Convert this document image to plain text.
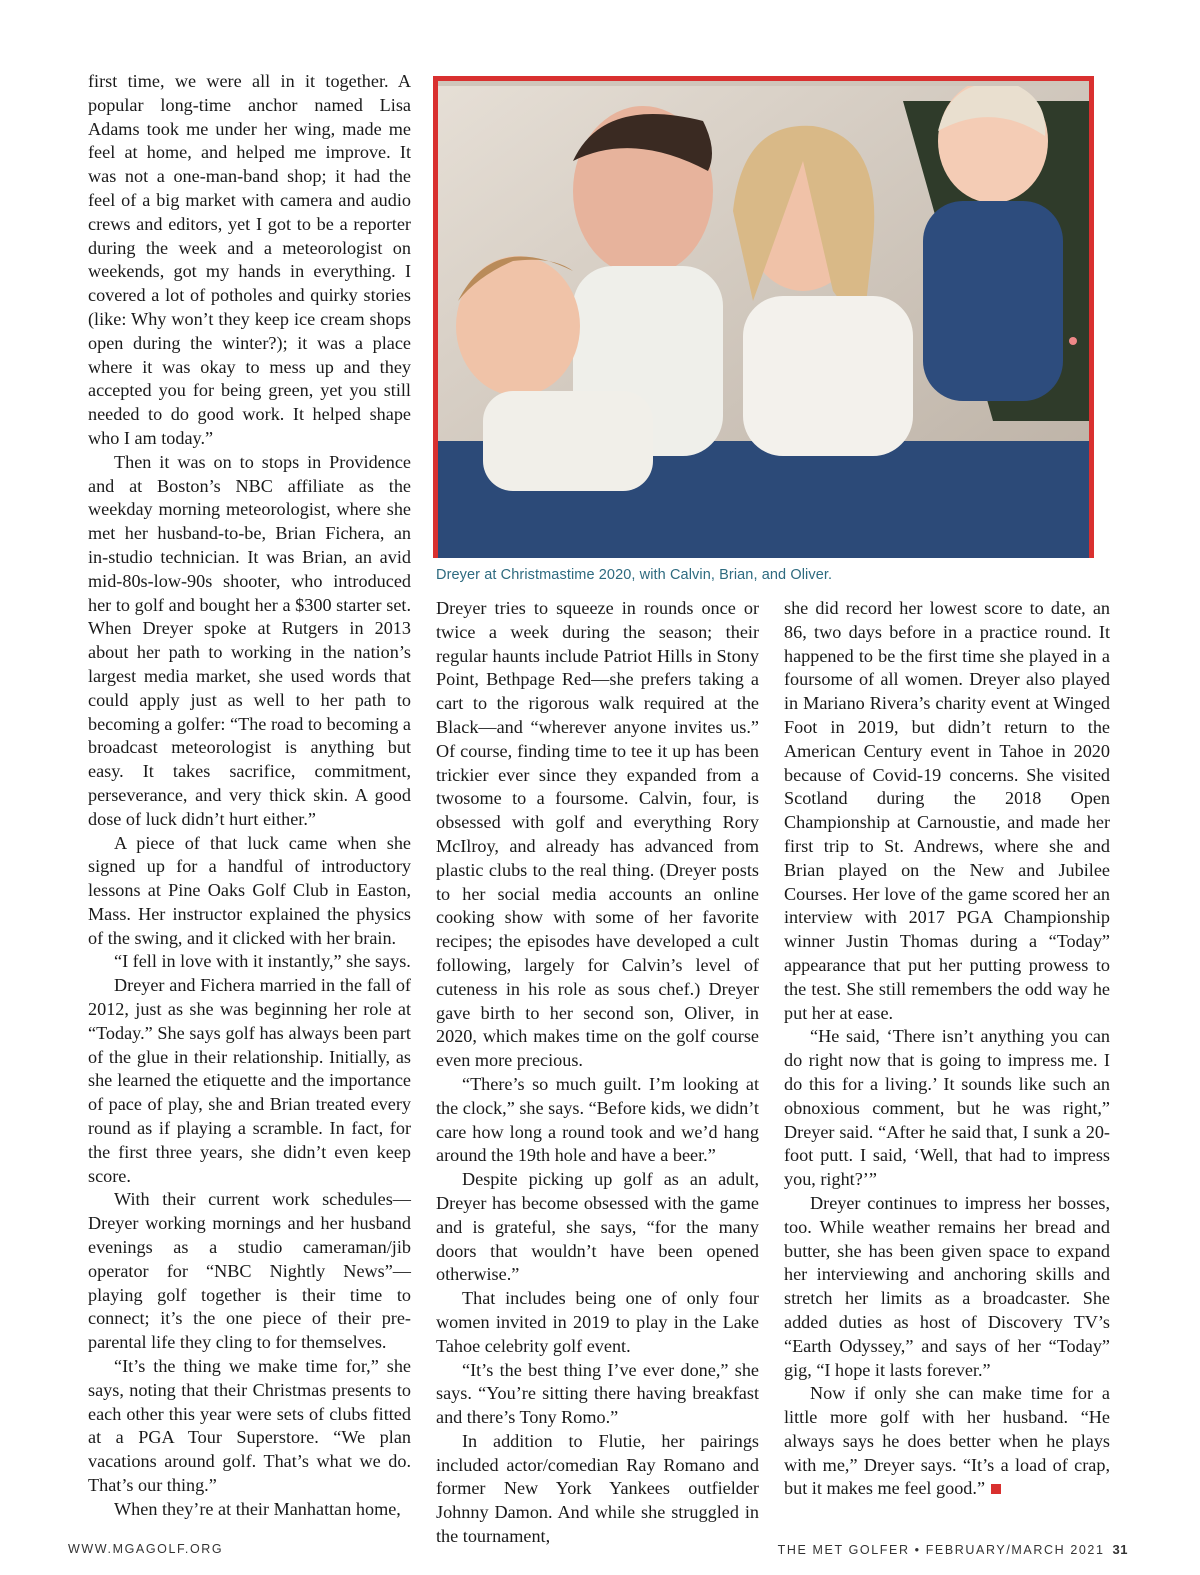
first time, we were all in it together. A popular long-time anchor named Lisa Adams took me under her wing, made me feel at home, and helped me improve. It was not a one-man-band shop; it had the feel of a big market with camera and audio crews and editors, yet I got to be a reporter during the week and a meteorologist on weekends, got my hands in everything. I covered a lot of potholes and quirky stories (like: Why won’t they keep ice cream shops open during the winter?); it was a place where it was okay to mess up and they accepted you for being green, yet you still needed to do good work. It helped shape who I am today.”

Then it was on to stops in Providence and at Boston’s NBC affiliate as the weekday morning meteorologist, where she met her husband-to-be, Brian Fichera, an in-studio technician. It was Brian, an avid mid-80s-low-90s shooter, who introduced her to golf and bought her a $300 starter set. When Dreyer spoke at Rutgers in 2013 about her path to working in the nation’s largest media market, she used words that could apply just as well to her path to becoming a golfer: “The road to becoming a broadcast meteorologist is anything but easy. It takes sacrifice, commitment, perseverance, and very thick skin. A good dose of luck didn’t hurt either.”

A piece of that luck came when she signed up for a handful of introductory lessons at Pine Oaks Golf Club in Easton, Mass. Her instructor explained the physics of the swing, and it clicked with her brain.

“I fell in love with it instantly,” she says.

Dreyer and Fichera married in the fall of 2012, just as she was beginning her role at “Today.” She says golf has always been part of the glue in their relationship. Initially, as she learned the etiquette and the importance of pace of play, she and Brian treated every round as if playing a scramble. In fact, for the first three years, she didn’t even keep score.

With their current work schedules—Dreyer working mornings and her husband evenings as a studio cameraman/jib operator for “NBC Nightly News”—playing golf together is their time to connect; it’s the one piece of their pre-parental life they cling to for themselves.

“It’s the thing we make time for,” she says, noting that their Christmas presents to each other this year were sets of clubs fitted at a PGA Tour Superstore. “We plan vacations around golf. That’s what we do. That’s our thing.”

When they’re at their Manhattan home,

Dreyer at Christmastime 2020, with Calvin, Brian, and Oliver.

Dreyer tries to squeeze in rounds once or twice a week during the season; their regular haunts include Patriot Hills in Stony Point, Bethpage Red—she prefers taking a cart to the rigorous walk required at the Black—and “wherever anyone invites us.” Of course, finding time to tee it up has been trickier ever since they expanded from a twosome to a foursome. Calvin, four, is obsessed with golf and everything Rory McIlroy, and already has advanced from plastic clubs to the real thing. (Dreyer posts to her social media accounts an online cooking show with some of her favorite recipes; the episodes have developed a cult following, largely for Calvin’s level of cuteness in his role as sous chef.) Dreyer gave birth to her second son, Oliver, in 2020, which makes time on the golf course even more precious.

“There’s so much guilt. I’m looking at the clock,” she says. “Before kids, we didn’t care how long a round took and we’d hang around the 19th hole and have a beer.”

Despite picking up golf as an adult, Dreyer has become obsessed with the game and is grateful, she says, “for the many doors that wouldn’t have been opened otherwise.”

That includes being one of only four women invited in 2019 to play in the Lake Tahoe celebrity golf event.

“It’s the best thing I’ve ever done,” she says. “You’re sitting there having breakfast and there’s Tony Romo.”

In addition to Flutie, her pairings included actor/comedian Ray Romano and former New York Yankees outfielder Johnny Damon. And while she struggled in the tournament,

she did record her lowest score to date, an 86, two days before in a practice round. It happened to be the first time she played in a foursome of all women. Dreyer also played in Mariano Rivera’s charity event at Winged Foot in 2019, but didn’t return to the American Century event in Tahoe in 2020 because of Covid-19 concerns. She visited Scotland during the 2018 Open Championship at Carnoustie, and made her first trip to St. Andrews, where she and Brian played on the New and Jubilee Courses. Her love of the game scored her an interview with 2017 PGA Championship winner Justin Thomas during a “Today” appearance that put her putting prowess to the test. She still remembers the odd way he put her at ease.

“He said, ‘There isn’t anything you can do right now that is going to impress me. I do this for a living.’ It sounds like such an obnoxious comment, but he was right,” Dreyer said. “After he said that, I sunk a 20-foot putt. I said, ‘Well, that had to impress you, right?’”

Dreyer continues to impress her bosses, too. While weather remains her bread and butter, she has been given space to expand her interviewing and anchoring skills and stretch her limits as a broadcaster. She added duties as host of Discovery TV’s “Earth Odyssey,” and says of her “Today” gig, “I hope it lasts forever.”

Now if only she can make time for a little more golf with her husband. “He always says he does better when he plays with me,” Dreyer says. “It’s a load of crap, but it makes me feel good.”

WWW.MGAGOLF.ORG	THE MET GOLFER • FEBRUARY/MARCH 2021 31
